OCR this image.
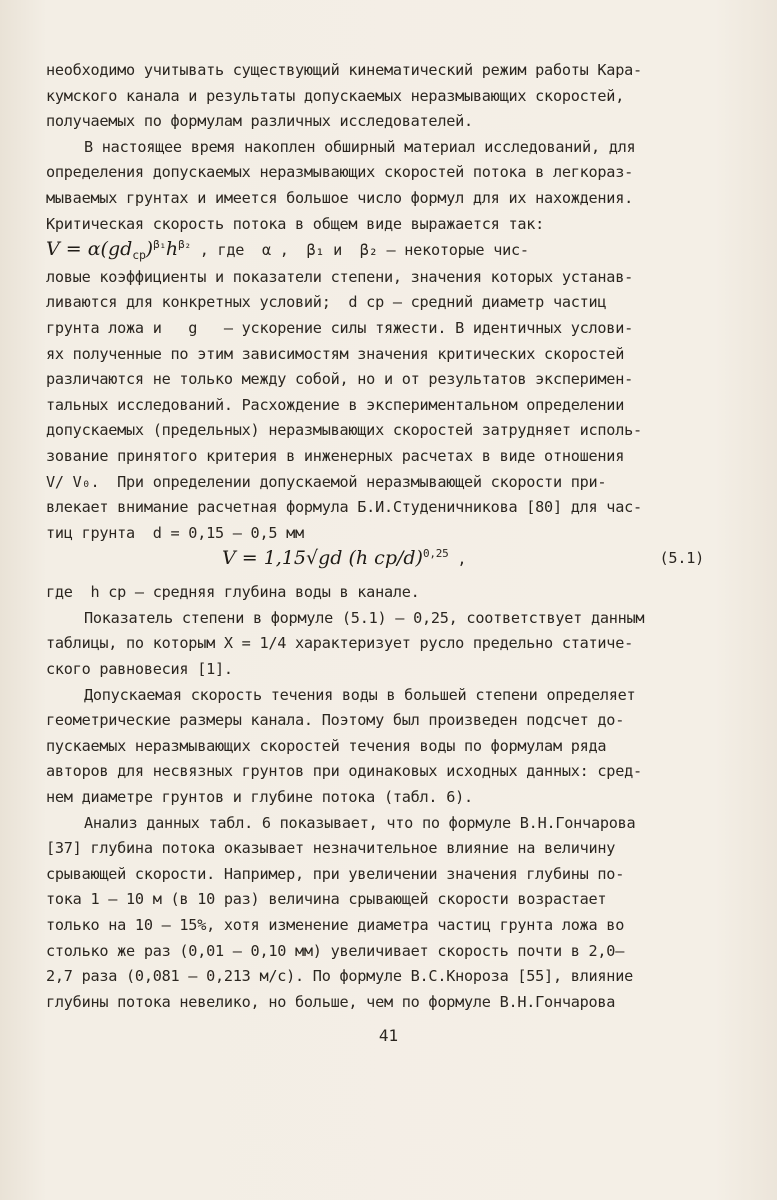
необходимо учитывать существующий кинематический режим работы Кара-
кумского канала и результаты допускаемых неразмывающих скоростей,
получаемых по формулам различных исследователей.
В настоящее время накоплен обширный материал исследований, для
определения допускаемых неразмывающих скоростей потока в легкораз-
мываемых грунтах и имеется большое число формул для их нахождения.
Критическая скорость потока в общем виде выражается так:
$V = \alpha(gd_{ср})^{\beta_1}h^{\beta_2}$ , где  α ,  β₁ и  β₂ – некоторые чис-
ловые коэффициенты и показатели степени, значения которых устанав-
ливаются для конкретных условий;  d ср – средний диаметр частиц
грунта ложа и   g   – ускорение силы тяжести. В идентичных услови-
ях полученные по этим зависимостям значения критических скоростей
различаются не только между собой, но и от результатов эксперимен-
тальных исследований. Расхождение в экспериментальном определении
допускаемых (предельных) неразмывающих скоростей затрудняет исполь-
зование принятого критерия в инженерных расчетах в виде отношения
V/ V₀.  При определении допускаемой неразмывающей скорости при-
влекает внимание расчетная формула Б.И.Студеничникова [80] для час-
тиц грунта  d = 0,15 – 0,5 мм

V = 1,15√gd (h ср/d)$^{0,25}$ ,

	(5.1)

где  h ср – средняя глубина воды в канале.
Показатель степени в формуле (5.1) – 0,25, соответствует данным
таблицы, по которым X = 1/4 характеризует русло предельно статиче-
ского равновесия [1].
Допускаемая скорость течения воды в большей степени определяет
геометрические размеры канала. Поэтому был произведен подсчет до-
пускаемых неразмывающих скоростей течения воды по формулам ряда
авторов для несвязных грунтов при одинаковых исходных данных: сред-
нем диаметре грунтов и глубине потока (табл. 6).
Анализ данных табл. 6 показывает, что по формуле В.Н.Гончарова
[37] глубина потока оказывает незначительное влияние на величину
срывающей скорости. Например, при увеличении значения глубины по-
тока 1 – 10 м (в 10 раз) величина срывающей скорости возрастает
только на 10 – 15%, хотя изменение диаметра частиц грунта ложа во
столько же раз (0,01 – 0,10 мм) увеличивает скорость почти в 2,0–
2,7 раза (0,081 – 0,213 м/с). По формуле В.С.Кнороза [55], влияние
глубины потока невелико, но больше, чем по формуле В.Н.Гончарова
41
